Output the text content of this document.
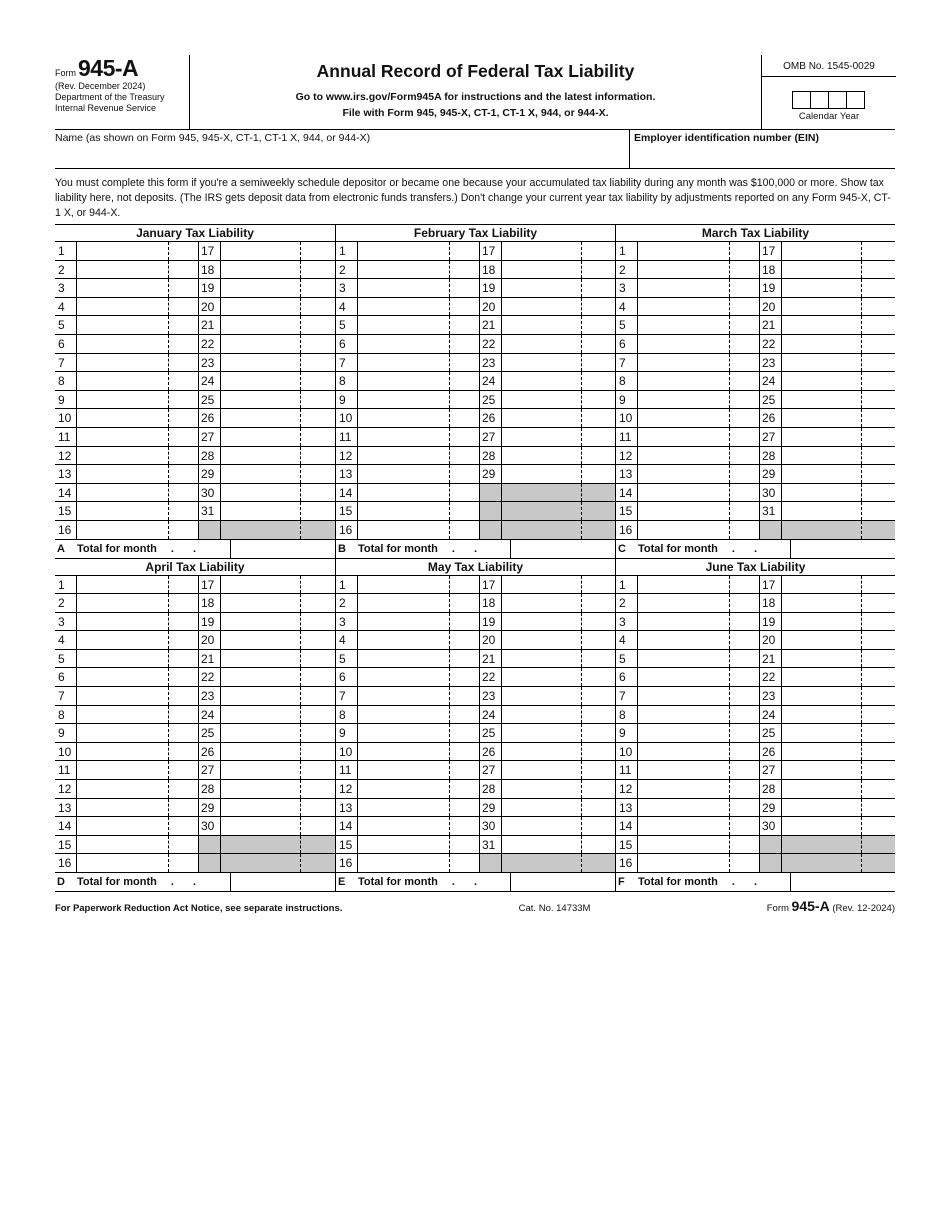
Form 945-A
(Rev. December 2024)
Department of the Treasury
Internal Revenue Service
Annual Record of Federal Tax Liability
Go to www.irs.gov/Form945A for instructions and the latest information.
File with Form 945, 945-X, CT-1, CT-1 X, 944, or 944-X.
OMB No. 1545-0029
Calendar Year
Name (as shown on Form 945, 945-X, CT-1, CT-1 X, 944, or 944-X)	Employer identification number (EIN)
You must complete this form if you're a semiweekly schedule depositor or became one because your accumulated tax liability during any month was $100,000 or more. Show tax liability here, not deposits. (The IRS gets deposit data from electronic funds transfers.) Don't change your current year tax liability by adjustments reported on any Form 945-X, CT-1 X, or 944-X.
January Tax Liability
1	17
2	18
3	19
4	20
5	21
6	22
7	23
8	24
9	25
10	26
11	27
12	28
13	29
14	30
15	31
16
A	Total for month . .
February Tax Liability
1	17
2	18
3	19
4	20
5	21
6	22
7	23
8	24
9	25
10	26
11	27
12	28
13	29
14
15
16
B	Total for month . .
March Tax Liability
1	17
2	18
3	19
4	20
5	21
6	22
7	23
8	24
9	25
10	26
11	27
12	28
13	29
14	30
15	31
16
C	Total for month . .
April Tax Liability
1	17
2	18
3	19
4	20
5	21
6	22
7	23
8	24
9	25
10	26
11	27
12	28
13	29
14	30
15
16
D	Total for month . .
May Tax Liability
1	17
2	18
3	19
4	20
5	21
6	22
7	23
8	24
9	25
10	26
11	27
12	28
13	29
14	30
15	31
16
E	Total for month . .
June Tax Liability
1	17
2	18
3	19
4	20
5	21
6	22
7	23
8	24
9	25
10	26
11	27
12	28
13	29
14	30
15
16
F	Total for month . .
For Paperwork Reduction Act Notice, see separate instructions.	Cat. No. 14733M	Form 945-A (Rev. 12-2024)
